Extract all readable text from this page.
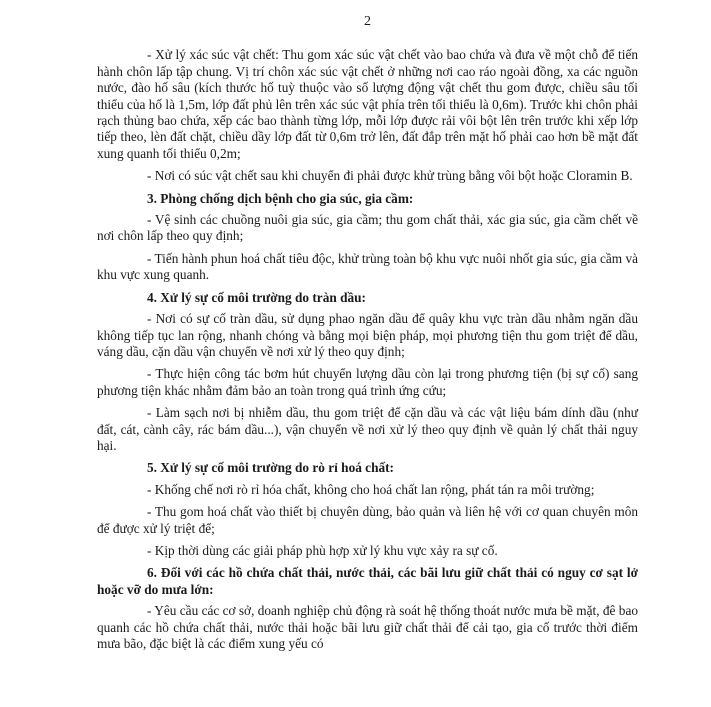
2

- Xử lý xác súc vật chết: Thu gom xác súc vật chết vào bao chứa và đưa về một chỗ để tiến hành chôn lấp tập chung. Vị trí chôn xác súc vật chết ở những nơi cao ráo ngoài đồng, xa các nguồn nước, đào hố sâu (kích thước hố tuỳ thuộc vào số lượng động vật chết thu gom được, chiều sâu tối thiểu của hố là 1,5m, lớp đất phủ lên trên xác súc vật phía trên tối thiểu là 0,6m). Trước khi chôn phải rạch thủng bao chứa, xếp các bao thành từng lớp, mỗi lớp được rải vôi bột lên trên trước khi xếp lớp tiếp theo, lèn đất chặt, chiều dầy lớp đất từ 0,6m trở lên, đất đắp trên mặt hố phải cao hơn bề mặt đất xung quanh tối thiểu 0,2m;

- Nơi có súc vật chết sau khi chuyển đi phải được khử trùng bằng vôi bột hoặc Cloramin B.

3. Phòng chống dịch bệnh cho gia súc, gia cầm:

- Vệ sinh các chuồng nuôi gia súc, gia cầm; thu gom chất thải, xác gia súc, gia cầm chết về nơi chôn lấp theo quy định;

- Tiến hành phun hoá chất tiêu độc, khử trùng toàn bộ khu vực nuôi nhốt gia súc, gia cầm và khu vực xung quanh.

4. Xử lý sự cố môi trường do tràn dầu:

- Nơi có sự cố tràn dầu, sử dụng phao ngăn dầu để quây khu vực tràn dầu nhằm ngăn dầu không tiếp tục lan rộng, nhanh chóng và bằng mọi biện pháp, mọi phương tiện thu gom triệt để dầu, váng dầu, cặn dầu vận chuyển về nơi xử lý theo quy định;

- Thực hiện công tác bơm hút chuyển lượng dầu còn lại trong phương tiện (bị sự cố) sang phương tiện khác nhằm đảm bảo an toàn trong quá trình ứng cứu;

- Làm sạch nơi bị nhiễm dầu, thu gom triệt để cặn dầu và các vật liệu bám dính dầu (như đất, cát, cành cây, rác bám dầu...), vận chuyển về nơi xử lý theo quy định về quản lý chất thải nguy hại.

5. Xử lý sự cố môi trường do rò rỉ hoá chất:

- Khống chế nơi rò rỉ hóa chất, không cho hoá chất lan rộng, phát tán ra môi trường;

- Thu gom hoá chất vào thiết bị chuyên dùng, bảo quản và liên hệ với cơ quan chuyên môn để được xử lý triệt để;

- Kịp thời dùng các giải pháp phù hợp xử lý khu vực xảy ra sự cố.

6. Đối với các hồ chứa chất thải, nước thải, các bãi lưu giữ chất thải có nguy cơ sạt lở hoặc vỡ do mưa lớn:

- Yêu cầu các cơ sở, doanh nghiệp chủ động rà soát hệ thống thoát nước mưa bề mặt, đê bao quanh các hồ chứa chất thải, nước thải hoặc bãi lưu giữ chất thải để cải tạo, gia cố trước thời điểm mưa bão, đặc biệt là các điểm xung yếu có
